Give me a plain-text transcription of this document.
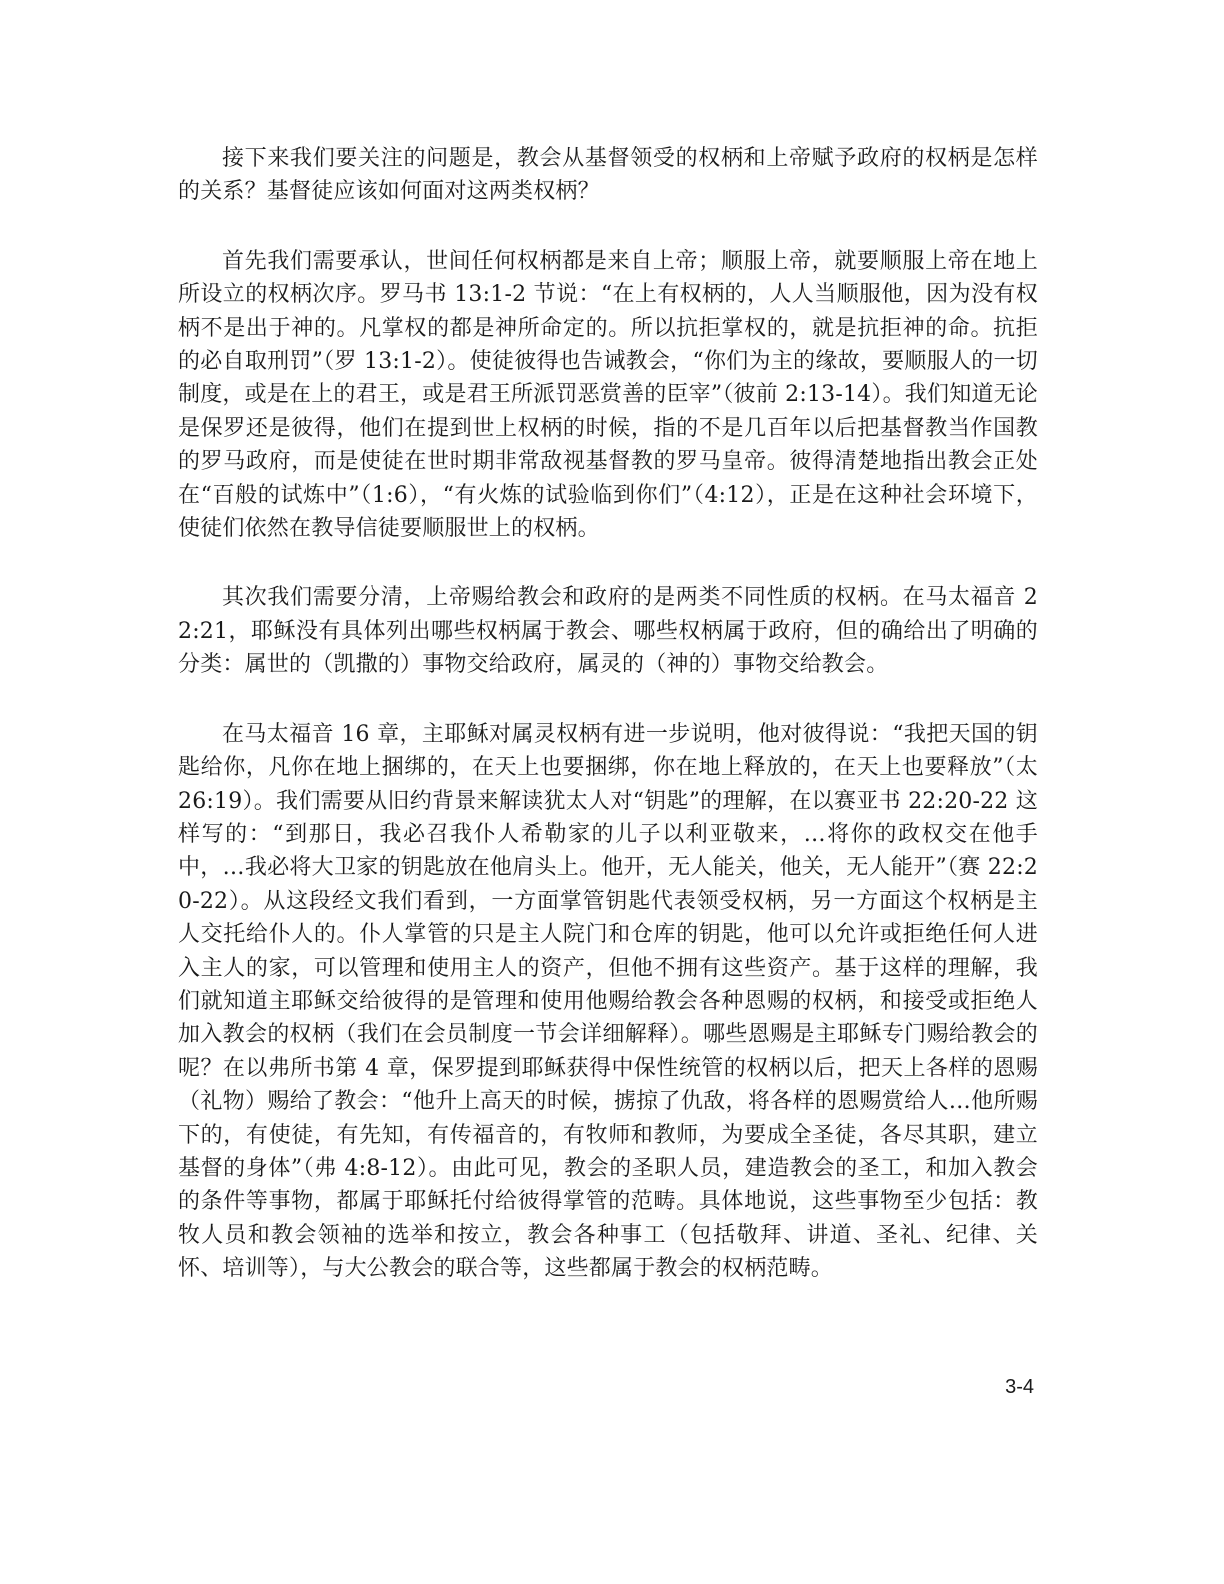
接下来我们要关注的问题是，教会从基督领受的权柄和上帝赋予政府的权柄是怎样的关系？基督徒应该如何面对这两类权柄？

首先我们需要承认，世间任何权柄都是来自上帝；顺服上帝，就要顺服上帝在地上所设立的权柄次序。罗马书 13:1-2 节说：“在上有权柄的，人人当顺服他，因为没有权柄不是出于神的。凡掌权的都是神所命定的。所以抗拒掌权的，就是抗拒神的命。抗拒的必自取刑罚”（罗 13:1-2）。使徒彼得也告诫教会，“你们为主的缘故，要顺服人的一切制度，或是在上的君王，或是君王所派罚恶赏善的臣宰”（彼前 2:13-14）。我们知道无论是保罗还是彼得，他们在提到世上权柄的时候，指的不是几百年以后把基督教当作国教的罗马政府，而是使徒在世时期非常敌视基督教的罗马皇帝。彼得清楚地指出教会正处在“百般的试炼中”（1:6），“有火炼的试验临到你们”（4:12），正是在这种社会环境下，使徒们依然在教导信徒要顺服世上的权柄。

其次我们需要分清，上帝赐给教会和政府的是两类不同性质的权柄。在马太福音 22:21，耶稣没有具体列出哪些权柄属于教会、哪些权柄属于政府，但的确给出了明确的分类：属世的（凯撒的）事物交给政府，属灵的（神的）事物交给教会。

在马太福音 16 章，主耶稣对属灵权柄有进一步说明，他对彼得说：“我把天国的钥匙给你，凡你在地上捆绑的，在天上也要捆绑，你在地上释放的，在天上也要释放”（太 26:19）。我们需要从旧约背景来解读犹太人对“钥匙”的理解，在以赛亚书 22:20-22 这样写的：“到那日，我必召我仆人希勒家的儿子以利亚敬来，…将你的政权交在他手中，…我必将大卫家的钥匙放在他肩头上。他开，无人能关，他关，无人能开”（赛 22:20-22）。从这段经文我们看到，一方面掌管钥匙代表领受权柄，另一方面这个权柄是主人交托给仆人的。仆人掌管的只是主人院门和仓库的钥匙，他可以允许或拒绝任何人进入主人的家，可以管理和使用主人的资产，但他不拥有这些资产。基于这样的理解，我们就知道主耶稣交给彼得的是管理和使用他赐给教会各种恩赐的权柄，和接受或拒绝人加入教会的权柄（我们在会员制度一节会详细解释）。哪些恩赐是主耶稣专门赐给教会的呢？在以弗所书第 4 章，保罗提到耶稣获得中保性统管的权柄以后，把天上各样的恩赐（礼物）赐给了教会：“他升上高天的时候，掳掠了仇敌，将各样的恩赐赏给人…他所赐下的，有使徒，有先知，有传福音的，有牧师和教师，为要成全圣徒，各尽其职，建立基督的身体”（弗 4:8-12）。由此可见，教会的圣职人员，建造教会的圣工，和加入教会的条件等事物，都属于耶稣托付给彼得掌管的范畴。具体地说，这些事物至少包括：教牧人员和教会领袖的选举和按立，教会各种事工（包括敬拜、讲道、圣礼、纪律、关怀、培训等），与大公教会的联合等，这些都属于教会的权柄范畴。

3-4
